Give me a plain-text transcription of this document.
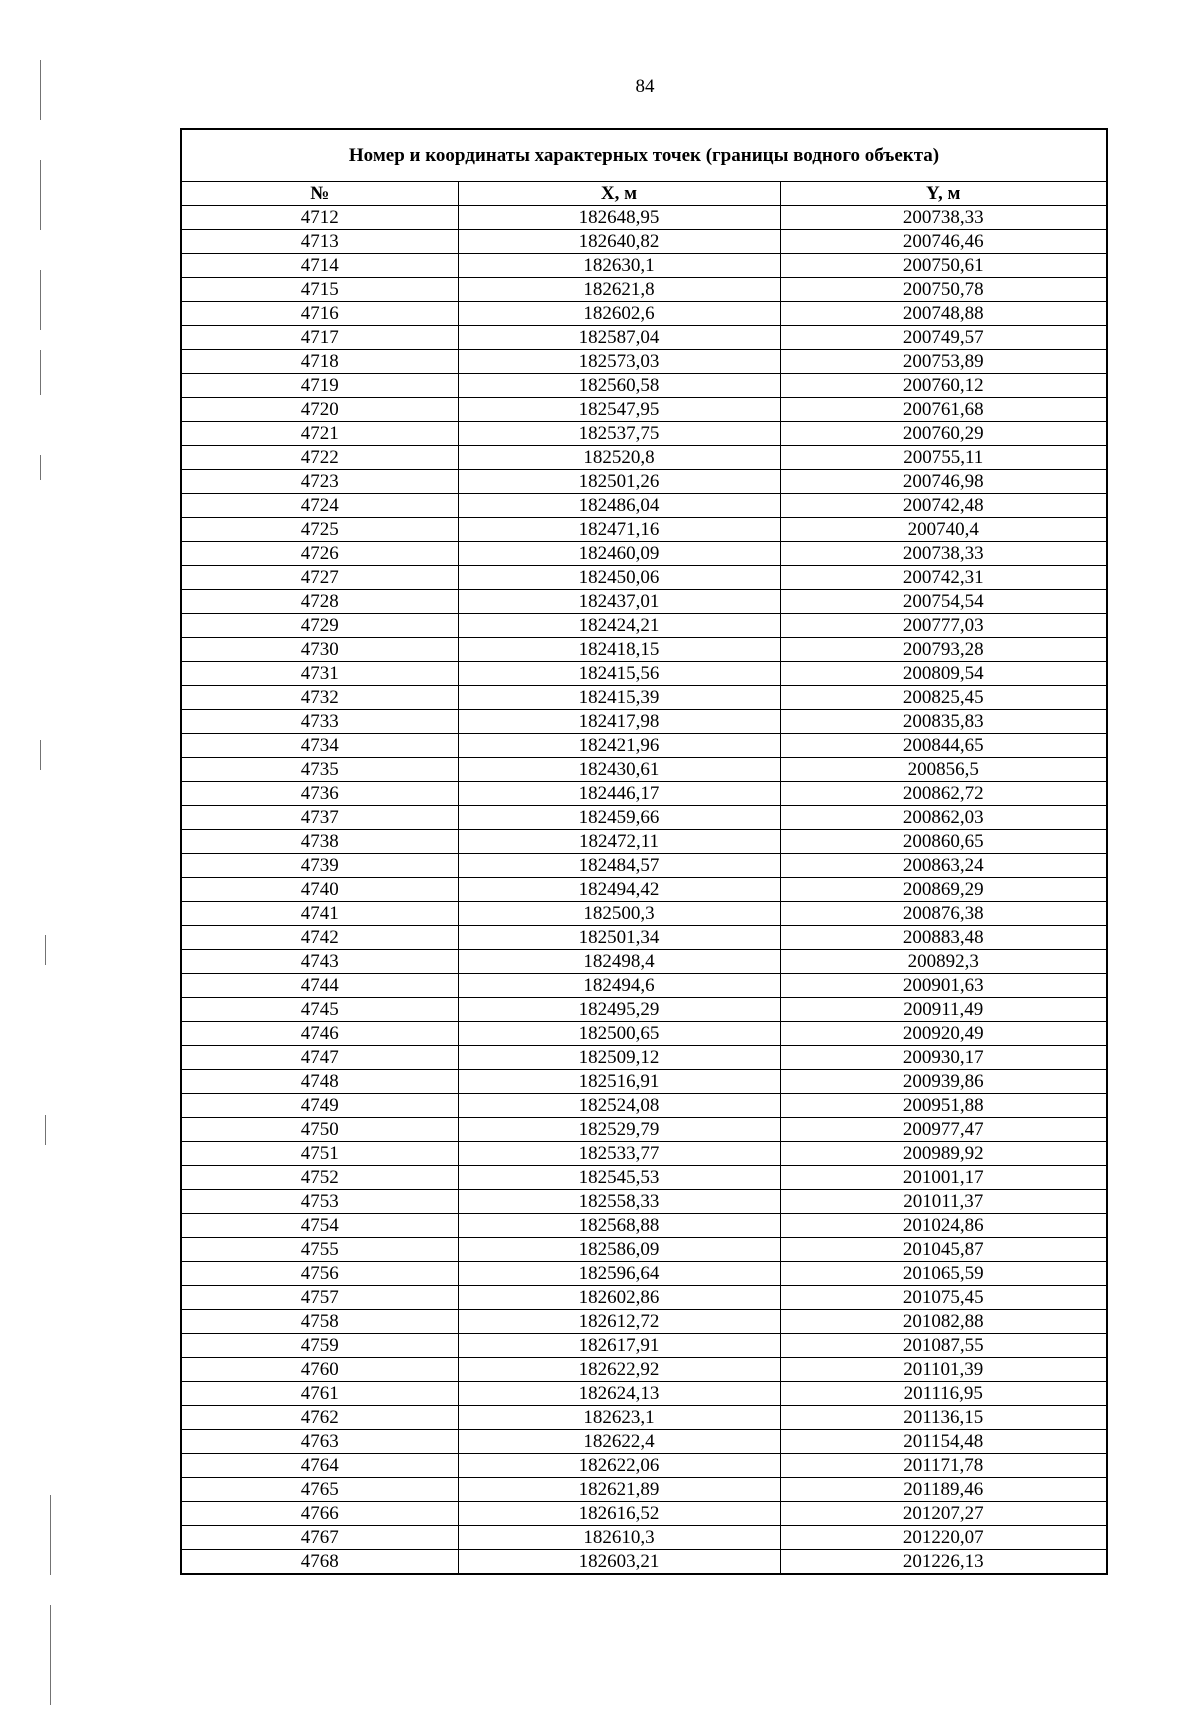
84
Номер и координаты характерных точек (границы водного объекта)		
№	X, м	Y, м
4712	182648,95	200738,33
4713	182640,82	200746,46
4714	182630,1	200750,61
4715	182621,8	200750,78
4716	182602,6	200748,88
4717	182587,04	200749,57
4718	182573,03	200753,89
4719	182560,58	200760,12
4720	182547,95	200761,68
4721	182537,75	200760,29
4722	182520,8	200755,11
4723	182501,26	200746,98
4724	182486,04	200742,48
4725	182471,16	200740,4
4726	182460,09	200738,33
4727	182450,06	200742,31
4728	182437,01	200754,54
4729	182424,21	200777,03
4730	182418,15	200793,28
4731	182415,56	200809,54
4732	182415,39	200825,45
4733	182417,98	200835,83
4734	182421,96	200844,65
4735	182430,61	200856,5
4736	182446,17	200862,72
4737	182459,66	200862,03
4738	182472,11	200860,65
4739	182484,57	200863,24
4740	182494,42	200869,29
4741	182500,3	200876,38
4742	182501,34	200883,48
4743	182498,4	200892,3
4744	182494,6	200901,63
4745	182495,29	200911,49
4746	182500,65	200920,49
4747	182509,12	200930,17
4748	182516,91	200939,86
4749	182524,08	200951,88
4750	182529,79	200977,47
4751	182533,77	200989,92
4752	182545,53	201001,17
4753	182558,33	201011,37
4754	182568,88	201024,86
4755	182586,09	201045,87
4756	182596,64	201065,59
4757	182602,86	201075,45
4758	182612,72	201082,88
4759	182617,91	201087,55
4760	182622,92	201101,39
4761	182624,13	201116,95
4762	182623,1	201136,15
4763	182622,4	201154,48
4764	182622,06	201171,78
4765	182621,89	201189,46
4766	182616,52	201207,27
4767	182610,3	201220,07
4768	182603,21	201226,13
